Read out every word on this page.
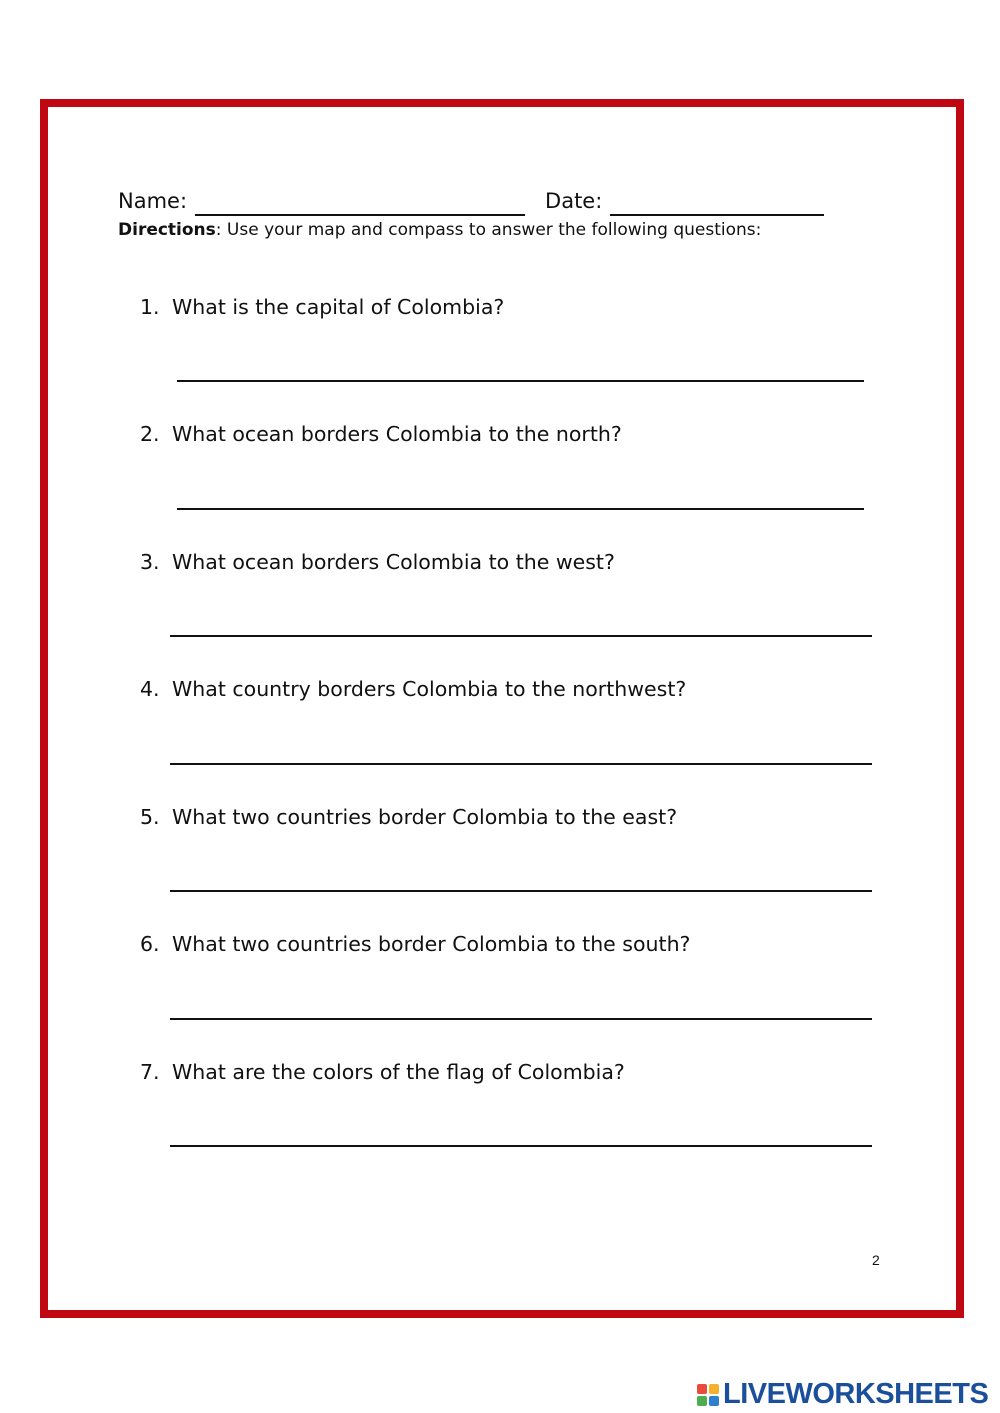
Name:	Date:
Directions: Use your map and compass to answer the following questions:
1. What is the capital of Colombia?
2. What ocean borders Colombia to the north?
3. What ocean borders Colombia to the west?
4. What country borders Colombia to the northwest?
5. What two countries border Colombia to the east?
6. What two countries border Colombia to the south?
7. What are the colors of the flag of Colombia?
2
LIVEWORKSHEETS
